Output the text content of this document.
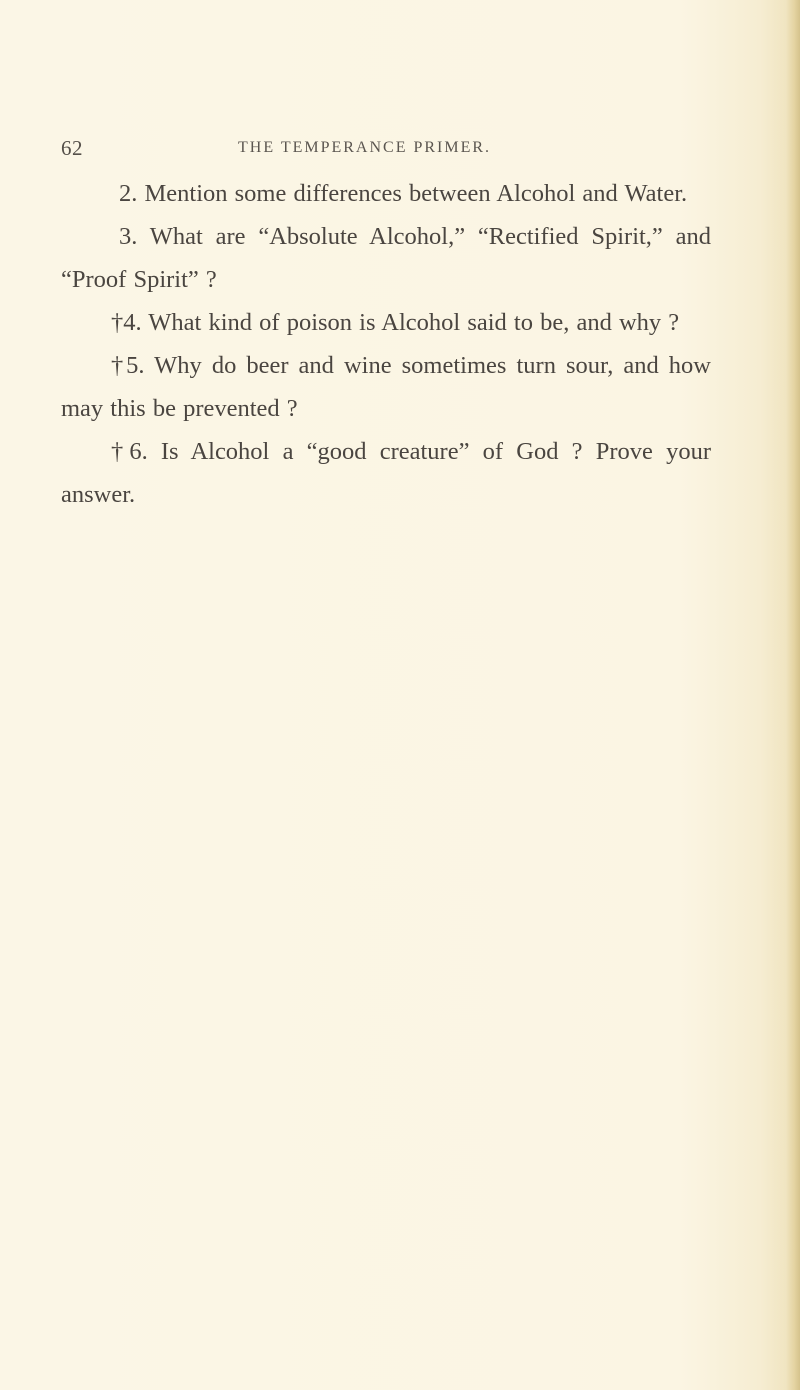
62	THE TEMPERANCE PRIMER.
2. Mention some differences between Alcohol and Water.
3. What are “Absolute Alcohol,” “Rectified Spirit,” and “Proof Spirit” ?
†4. What kind of poison is Alcohol said to be, and why ?
†5. Why do beer and wine sometimes turn sour, and how may this be prevented ?
†6. Is Alcohol a “good creature” of God ? Prove your answer.
